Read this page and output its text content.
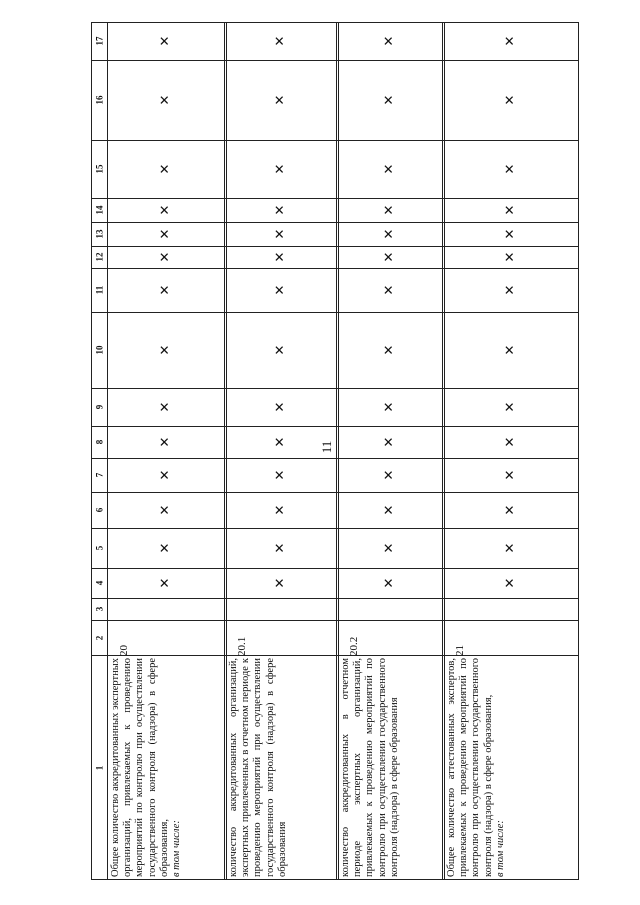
11
17
16
15
14
13
12
11
10
9
8
7
6
5
4
3
2
1
20
✕
✕
✕
✕
✕
✕
✕
✕
✕
✕
✕
✕
✕
✕
Общее количество аккредитованных экспертных организаций, привлекаемых к проведению мероприятий по контролю при осуществлении государственного контроля (надзора) в сфере образования, в том числе:
20.1
✕
✕
✕
✕
✕
✕
✕
✕
✕
✕
✕
✕
✕
✕
количество аккредитованных организаций, экспертных привлеченных в отчетном периоде к проведению мероприятий при осуществлении государственного контроля (надзора) в сфере образования
20.2
✕
✕
✕
✕
✕
✕
✕
✕
✕
✕
✕
✕
✕
✕
количество аккредитованных в отчетном периоде экспертных организаций, привлекаемых к проведению мероприятий по контролю при осуществлении государственного контроля (надзора) в сфере образования
21
✕
✕
✕
✕
✕
✕
✕
✕
✕
✕
✕
✕
✕
✕
Общее количество аттестованных экспертов, привлекаемых к проведению мероприятий по контролю при осуществлении государственного контроля (надзора) в сфере образования, в том числе:
